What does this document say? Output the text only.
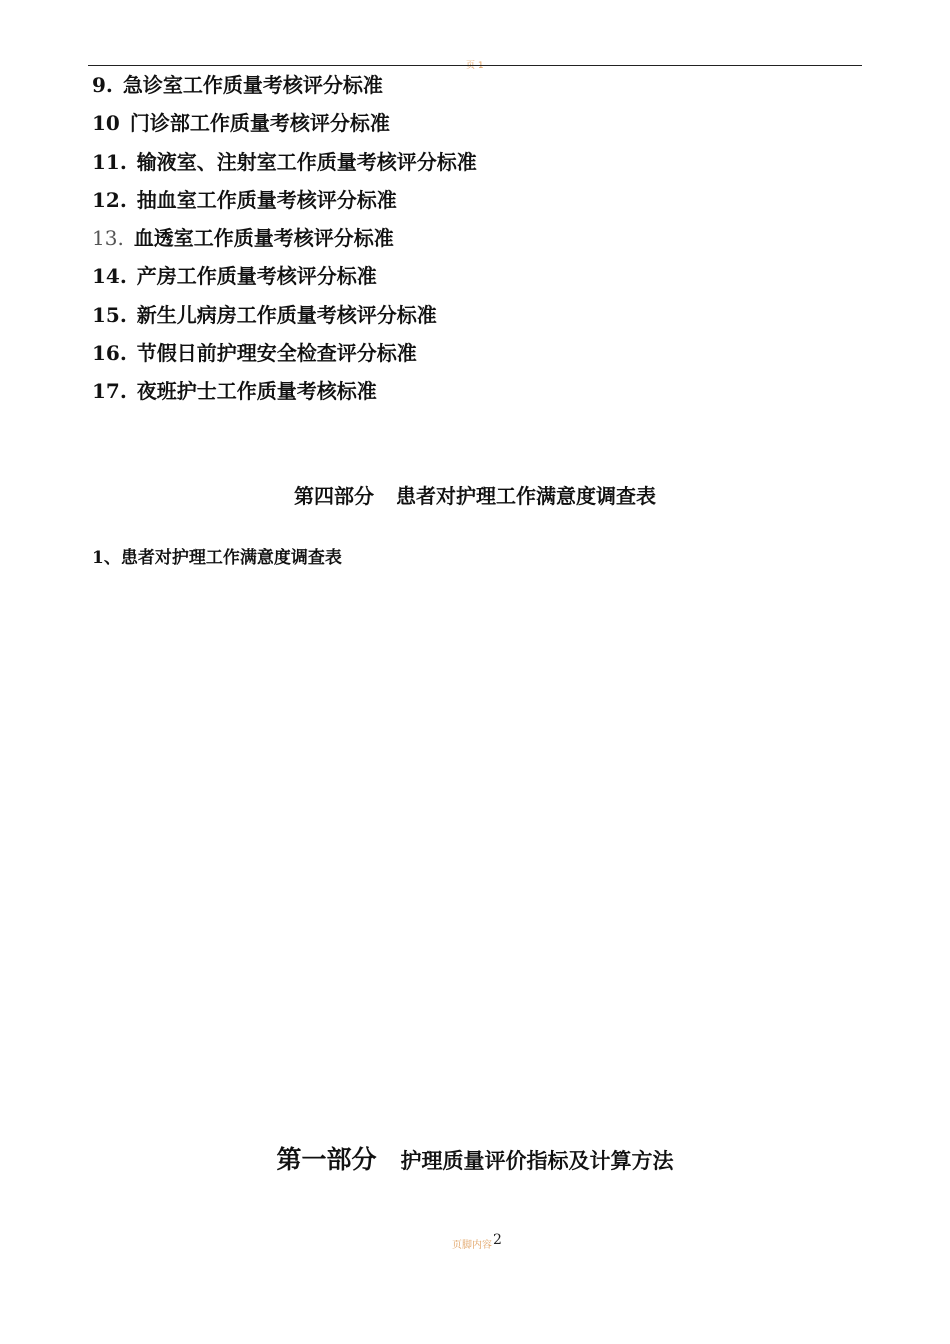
页 1
9. 急诊室工作质量考核评分标准
10 门诊部工作质量考核评分标准
11. 输液室、注射室工作质量考核评分标准
12. 抽血室工作质量考核评分标准
13. 血透室工作质量考核评分标准
14. 产房工作质量考核评分标准
15. 新生儿病房工作质量考核评分标准
16. 节假日前护理安全检查评分标准
17. 夜班护士工作质量考核标准
第四部分 患者对护理工作满意度调查表
1、患者对护理工作满意度调查表
第一部分 护理质量评价指标及计算方法
页脚内容2
